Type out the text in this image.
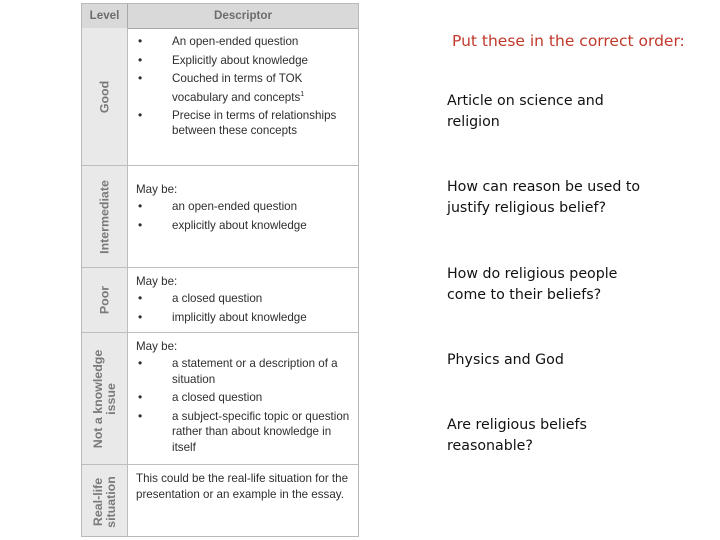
Level	Descriptor
Good
• An open-ended question
• Explicitly about knowledge
• Couched in terms of TOK vocabulary and concepts$^1$
• Precise in terms of relationships between these concepts
Intermediate May be:
• an open-ended question
• explicitly about knowledge
Poor
May be:
• a closed question
• implicitly about knowledge
Not a knowledge
issue
May be:
• a statement or a description of a situation
• a closed question
• a subject-specific topic or question rather than about knowledge in itself
Real-life
situation This could be the real-life situation for the presentation or an example in the essay.
Put these in the correct order:
Article on science and religion
How can reason be used to justify religious belief?
How do religious people come to their beliefs?
Physics and God
Are religious beliefs reasonable?
